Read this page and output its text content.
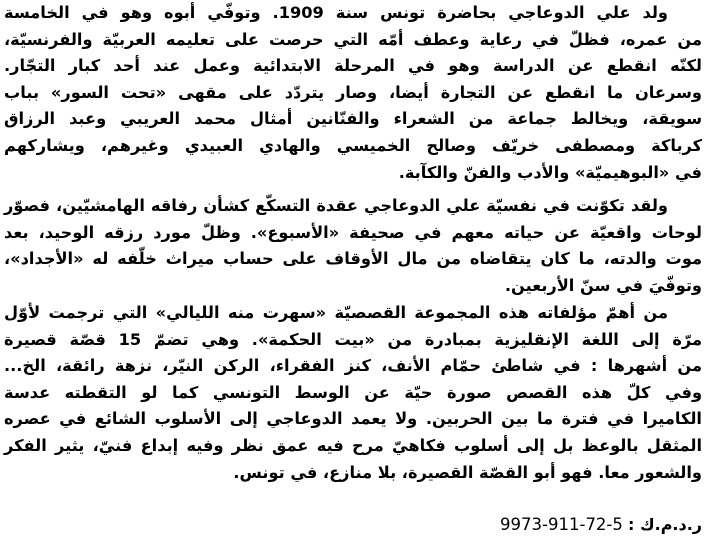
ولد علي الدوعاجي بحاضرة تونس سنة 1909. وتوفّي أبوه وهو في الخامسة
من عمره، فظلّ في رعاية وعطف أمّه التي حرصت على تعليمه العربيّة والفرنسيّة،
لكنّه انقطع عن الدراسة وهو في المرحلة الابتدائية وعمل عند أحد كبار التجّار.
وسرعان ما انقطع عن التجارة أيضا، وصار يتردّد على مقهى «تحت السور» بباب
سويقة، ويخالط جماعة من الشعراء والفنّانين أمثال محمد العريبي وعبد الرزاق
كرباكة ومصطفى خريّف وصالح الخميسي والهادي العبيدي وغيرهم، ويشاركهم
في «البوهيميّة» والأدب والفنّ والكآبة.
ولقد تكوّنت في نفسيّة علي الدوعاجي عقدة التسكّع كشأن رفاقه الهامشيّين، فصوّر
لوحات واقعيّة عن حياته معهم في صحيفة «الأسبوع». وظلّ مورد رزقه الوحيد، بعد
موت والدته، ما كان يتقاضاه من مال الأوقاف على حساب ميراث خلّفه له «الأجداد»،
وتوفّيَ في سنّ الأربعين.
من أهمّ مؤلفاته هذه المجموعة القصصيّة «سهرت منه الليالي» التي ترجمت لأوّل
مرّة إلى اللغة الإنقليزية بمبادرة من «بيت الحكمة». وهي تضمّ 15 قصّة قصيرة
من أشهرها : في شاطئ حمّام الأنف، كنز الفقراء، الركن النيّر، نزهة رائقة، الخ...
وفي كلّ هذه القصص صورة حيّة عن الوسط التونسي كما لو التقطته عدسة
الكاميرا في فترة ما بين الحربين. ولا يعمد الدوعاجي إلى الأسلوب الشائع في عصره
المثقل بالوعظ بل إلى أسلوب فكاهيّ مرح فيه عمق نظر وفيه إبداع فنيّ، يثير الفكر
والشعور معا. فهو أبو القصّة القصيرة، بلا منازع، في تونس.
ر.د.م.ك : 9973-911-72-5
